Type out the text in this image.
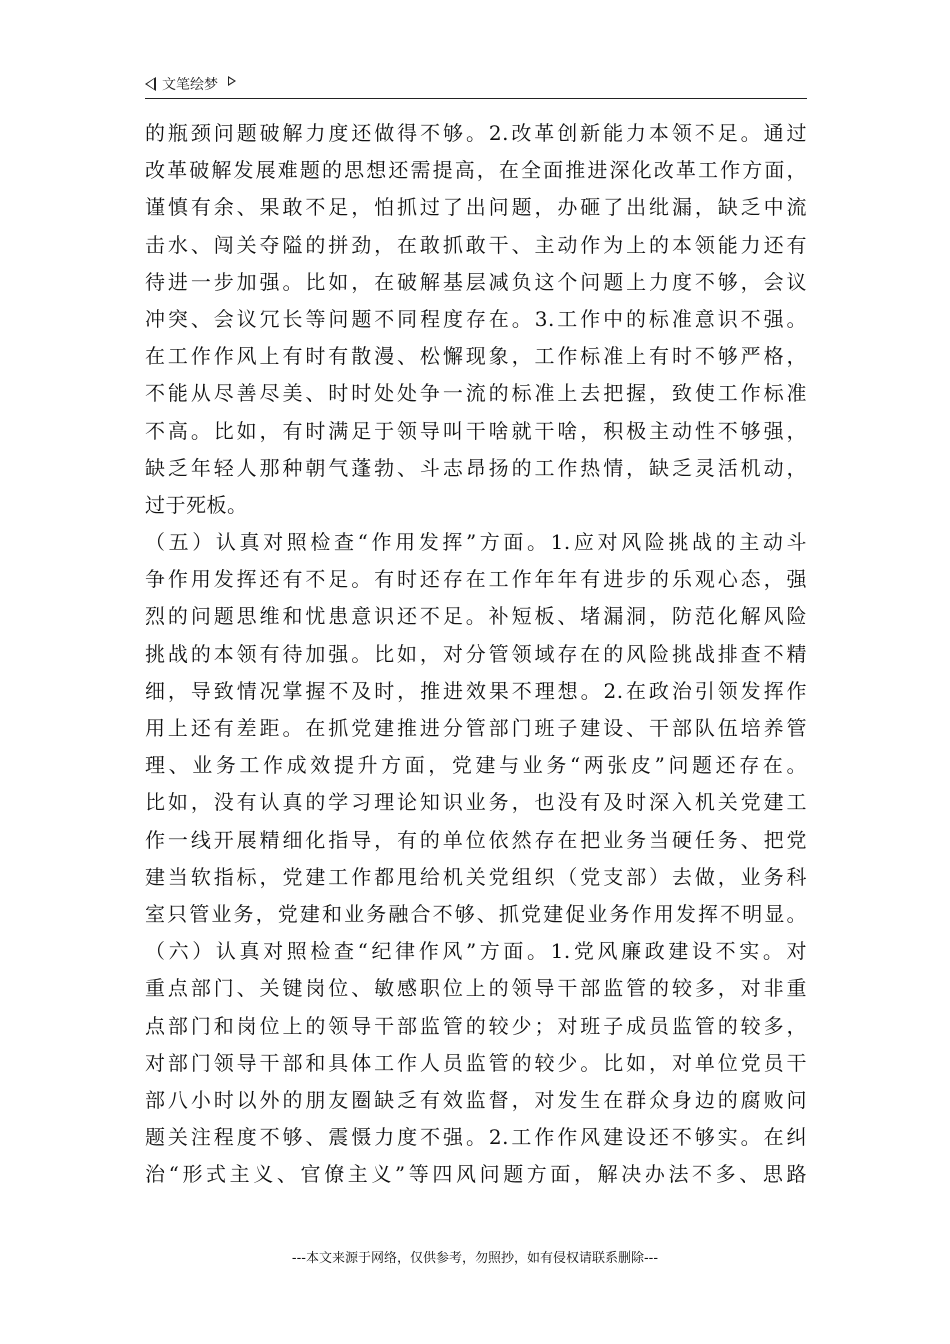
文笔绘梦
的瓶颈问题破解力度还做得不够。2.改革创新能力本领不足。通过
改革破解发展难题的思想还需提高，在全面推进深化改革工作方面，
谨慎有余、果敢不足，怕抓过了出问题，办砸了出纰漏，缺乏中流
击水、闯关夺隘的拼劲，在敢抓敢干、主动作为上的本领能力还有
待进一步加强。比如，在破解基层减负这个问题上力度不够，会议
冲突、会议冗长等问题不同程度存在。3.工作中的标准意识不强。
在工作作风上有时有散漫、松懈现象，工作标准上有时不够严格，
不能从尽善尽美、时时处处争一流的标准上去把握，致使工作标准
不高。比如，有时满足于领导叫干啥就干啥，积极主动性不够强，
缺乏年轻人那种朝气蓬勃、斗志昂扬的工作热情，缺乏灵活机动，
过于死板。
（五）认真对照检查“作用发挥”方面。1.应对风险挑战的主动斗
争作用发挥还有不足。有时还存在工作年年有进步的乐观心态，强
烈的问题思维和忧患意识还不足。补短板、堵漏洞，防范化解风险
挑战的本领有待加强。比如，对分管领域存在的风险挑战排查不精
细，导致情况掌握不及时，推进效果不理想。2.在政治引领发挥作
用上还有差距。在抓党建推进分管部门班子建设、干部队伍培养管
理、业务工作成效提升方面，党建与业务“两张皮”问题还存在。
比如，没有认真的学习理论知识业务，也没有及时深入机关党建工
作一线开展精细化指导，有的单位依然存在把业务当硬任务、把党
建当软指标，党建工作都甩给机关党组织（党支部）去做，业务科
室只管业务，党建和业务融合不够、抓党建促业务作用发挥不明显。
（六）认真对照检查“纪律作风”方面。1.党风廉政建设不实。对
重点部门、关键岗位、敏感职位上的领导干部监管的较多，对非重
点部门和岗位上的领导干部监管的较少；对班子成员监管的较多，
对部门领导干部和具体工作人员监管的较少。比如，对单位党员干
部八小时以外的朋友圈缺乏有效监督，对发生在群众身边的腐败问
题关注程度不够、震慑力度不强。2.工作作风建设还不够实。在纠
治“形式主义、官僚主义”等四风问题方面，解决办法不多、思路
---本文来源于网络，仅供参考，勿照抄，如有侵权请联系删除---
